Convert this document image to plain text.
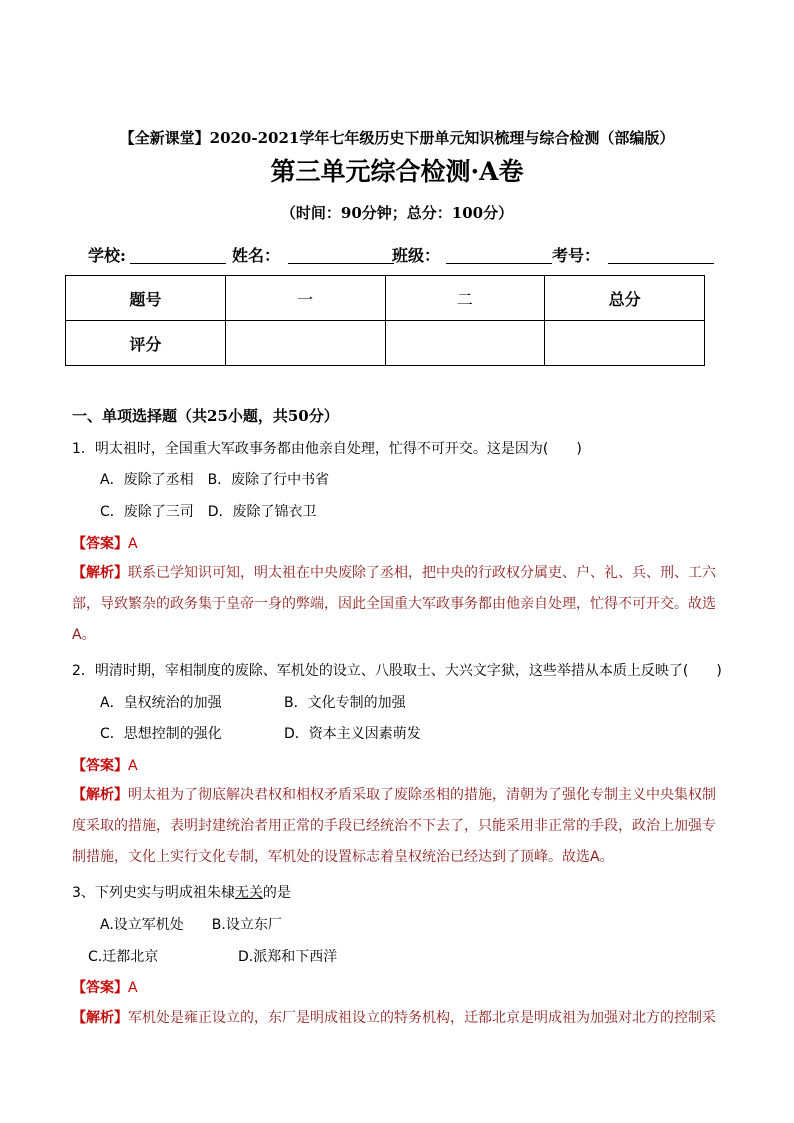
【全新课堂】2020-2021学年七年级历史下册单元知识梳理与综合检测（部编版）
第三单元综合检测·A卷
（时间：90分钟；总分：100分）
学校:	姓名：	班级：	考号：
题号	一	二	总分
评分			
一、单项选择题（共25小题，共50分）
1．明太祖时，全国重大军政事务都由他亲自处理，忙得不可开交。这是因为(　　)
A．废除了丞相　B．废除了行中书省
C．废除了三司　D．废除了锦衣卫
【答案】A
【解析】联系已学知识可知，明太祖在中央废除了丞相，把中央的行政权分属吏、户、礼、兵、刑、工六部，导致繁杂的政务集于皇帝一身的弊端，因此全国重大军政事务都由他亲自处理，忙得不可开交。故选A。
2．明清时期，宰相制度的废除、军机处的设立、八股取士、大兴文字狱，这些举措从本质上反映了(　　)
A．皇权统治的加强	B．文化专制的加强
C．思想控制的强化	D．资本主义因素萌发
【答案】A
【解析】明太祖为了彻底解决君权和相权矛盾采取了废除丞相的措施，清朝为了强化专制主义中央集权制度采取的措施，表明封建统治者用正常的手段已经统治不下去了，只能采用非正常的手段，政治上加强专制措施，文化上实行文化专制，军机处的设置标志着皇权统治已经达到了顶峰。故选A。
3、下列史实与明成祖朱棣无关的是
A.设立军机处　　B.设立东厂
C.迁都北京	D.派郑和下西洋
【答案】A
【解析】军机处是雍正设立的，东厂是明成祖设立的特务机构，迁都北京是明成祖为加强对北方的控制采
